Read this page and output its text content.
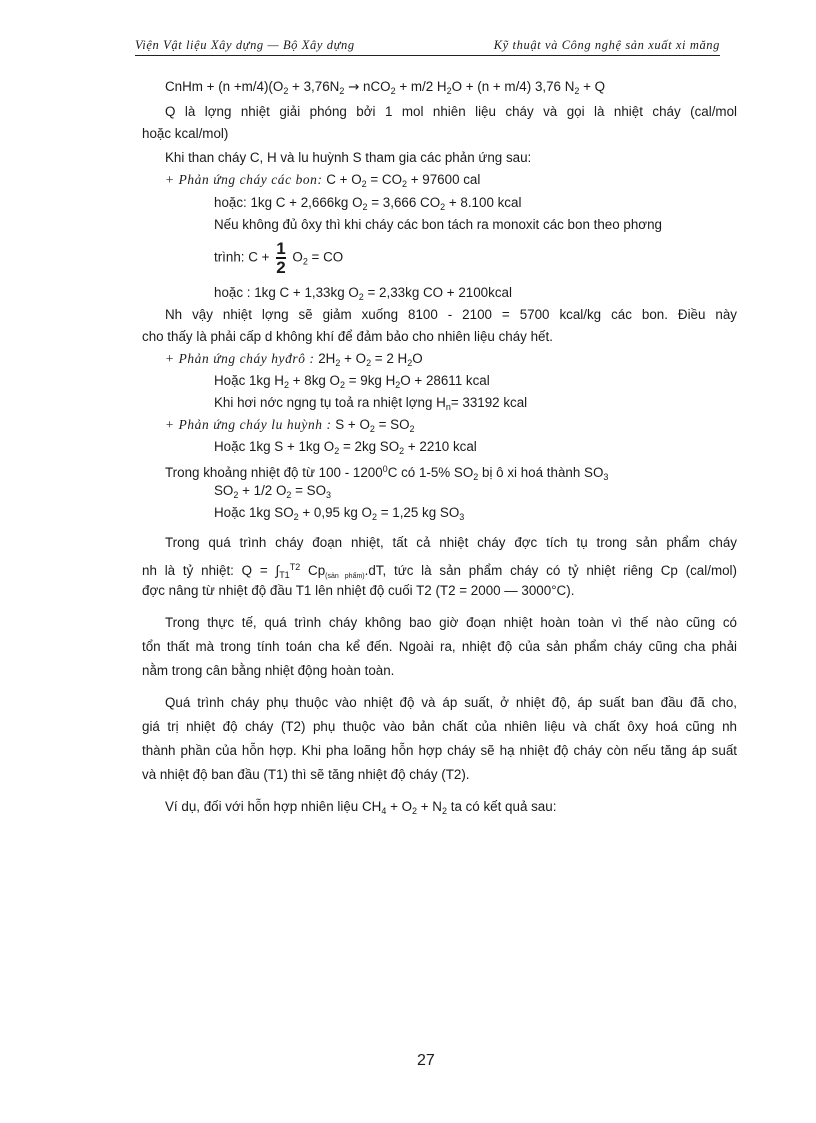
Viện Vật liệu Xây dựng — Bộ Xây dựng	Kỹ thuật và Công nghệ sản xuất xi măng
CnHm + $(n +m/4)(O_2 + 3,76N_2 \to nCO_2 + m/2$ $H_2O + (n + m/4)$ 3,76 $N_2 + Q$
Q là lợng nhiệt giải phóng bởi 1 mol nhiên liệu cháy và gọi là nhiệt cháy (cal/mol
hoặc kcal/mol)
Khi than cháy C, H và lu huỳnh S tham gia các phản ứng sau:
+ Phản ứng cháy các bon: $C + O_2 = CO_2 + 97600$ cal
hoặc: 1kg C + 2,666kg $O_2 = 3,666$ $CO_2 + 8.100$ kcal
Nếu không đủ ôxy thì khi cháy các bon tách ra monoxit các bon theo phơng
trình: $C + \frac{1}{2} O_2$ = CO
hoặc : 1kg C + 1,33kg $O_2 = 2,33kg$ CO + 2100kcal
Nh vậy nhiệt lợng sẽ giảm xuống 8100 - 2100 = 5700 kcal/kg các bon. Điều này
cho thấy là phải cấp d không khí để đảm bảo cho nhiên liệu cháy hết.
+ Phản ứng cháy hyđrô : $2H_2 + O_2 = 2$ $H_2O$
Hoặc 1kg $H_2 + 8kg$ $O_2 = 9kg$ $H_2O + 28611$ kcal
Khi hơi nớc ngng tụ toả ra nhiệt lợng $H_n= 33192$ kcal
+ Phản ứng cháy lu huỳnh : $S + O_2 = SO_2$
Hoặc 1kg S + 1kg $O_2 = 2kg$ $SO_2 + 2210$ kcal
Trong khoảng nhiệt độ từ 100 - 1200$^0$C có 1-5% $SO_2$ bị ô xi hoá thành $SO_3$
$SO_2 + 1/2$ $O_2 = SO_3$
Hoặc 1kg $SO_2 + 0,95$ kg $O_2 = 1,25$ kg $SO_3$
Trong quá trình cháy đoạn nhiệt, tất cả nhiệt cháy đợc tích tụ trong sản phẩm cháy
nh là tỷ nhiệt: $Q = \int_{T1}^{T2}$ $Cp_{(sản phẩm)}.dT$, tức là sản phẩm cháy có tỷ nhiệt riêng Cp (cal/mol)
đợc nâng từ nhiệt độ đầu T1 lên nhiệt độ cuối T2 (T2 = 2000 — 3000°C).
Trong thực tế, quá trình cháy không bao giờ đoạn nhiệt hoàn toàn vì thế nào cũng có
tổn thất mà trong tính toán cha kể đến. Ngoài ra, nhiệt độ của sản phẩm cháy cũng cha phải
nằm trong cân bằng nhiệt động hoàn toàn.
Quá trình cháy phụ thuộc vào nhiệt độ và áp suất, ở nhiệt độ, áp suất ban đầu đã cho,
giá trị nhiệt độ cháy (T2) phụ thuộc vào bản chất của nhiên liệu và chất ôxy hoá cũng nh
thành phần của hỗn hợp. Khi pha loãng hỗn hợp cháy sẽ hạ nhiệt độ cháy còn nếu tăng áp suất
và nhiệt độ ban đầu (T1) thì sẽ tăng nhiệt độ cháy (T2).
Ví dụ, đối với hỗn hợp nhiên liệu $CH_4 + O_2 + N_2$ ta có kết quả sau:
27
